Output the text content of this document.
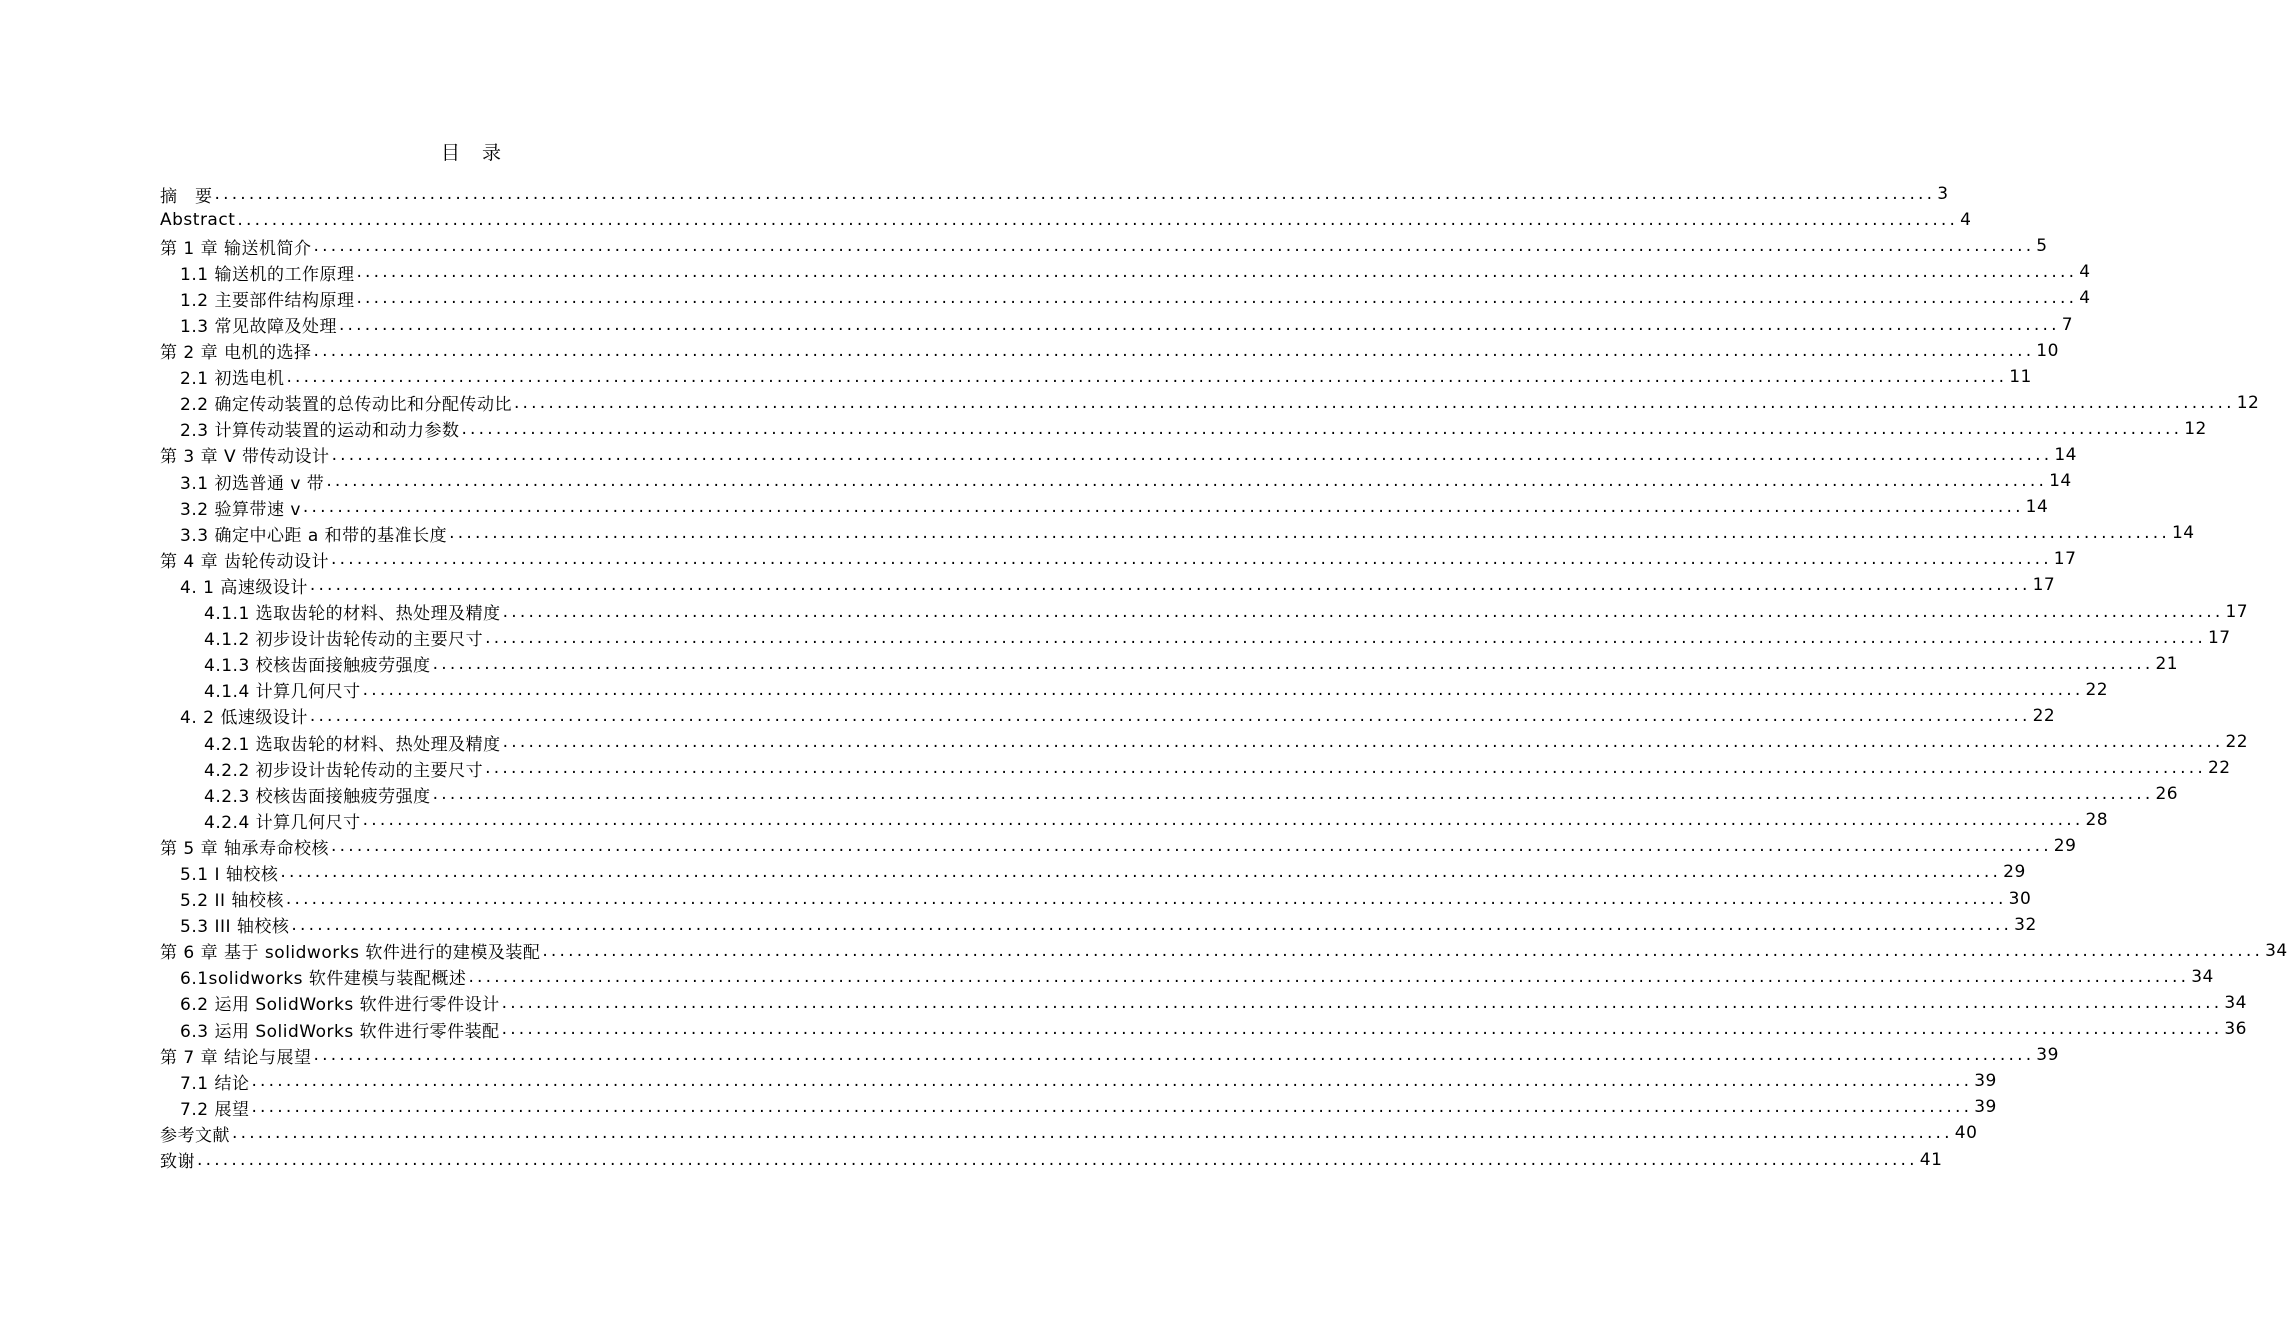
目 录
摘　要 ........................................................................................................................................................................................................ 3
Abstract ........................................................................................................................................................................................................ 4
第 1 章 输送机简介 ........................................................................................................................................................................................................ 5
1.1 输送机的工作原理 ........................................................................................................................................................................................................ 4
1.2 主要部件结构原理 ........................................................................................................................................................................................................ 4
1.3 常见故障及处理 ........................................................................................................................................................................................................ 7
第 2 章 电机的选择 ........................................................................................................................................................................................................ 10
2.1 初选电机 ........................................................................................................................................................................................................ 11
2.2 确定传动装置的总传动比和分配传动比 ........................................................................................................................................................................................................ 12
2.3 计算传动装置的运动和动力参数 ........................................................................................................................................................................................................ 12
第 3 章 V 带传动设计 ........................................................................................................................................................................................................ 14
3.1 初选普通 v 带 ........................................................................................................................................................................................................ 14
3.2 验算带速 v ........................................................................................................................................................................................................ 14
3.3 确定中心距 a 和带的基准长度 ........................................................................................................................................................................................................ 14
第 4 章 齿轮传动设计 ........................................................................................................................................................................................................ 17
4. 1 高速级设计 ........................................................................................................................................................................................................ 17
4.1.1 选取齿轮的材料、热处理及精度 ........................................................................................................................................................................................................ 17
4.1.2 初步设计齿轮传动的主要尺寸 ........................................................................................................................................................................................................ 17
4.1.3 校核齿面接触疲劳强度 ........................................................................................................................................................................................................ 21
4.1.4 计算几何尺寸 ........................................................................................................................................................................................................ 22
4. 2 低速级设计 ........................................................................................................................................................................................................ 22
4.2.1 选取齿轮的材料、热处理及精度 ........................................................................................................................................................................................................ 22
4.2.2 初步设计齿轮传动的主要尺寸 ........................................................................................................................................................................................................ 22
4.2.3 校核齿面接触疲劳强度 ........................................................................................................................................................................................................ 26
4.2.4 计算几何尺寸 ........................................................................................................................................................................................................ 28
第 5 章 轴承寿命校核 ........................................................................................................................................................................................................ 29
5.1 I 轴校核 ........................................................................................................................................................................................................ 29
5.2 II 轴校核 ........................................................................................................................................................................................................ 30
5.3 III 轴校核 ........................................................................................................................................................................................................ 32
第 6 章 基于 solidworks 软件进行的建模及装配 ........................................................................................................................................................................................................ 34
6.1solidworks 软件建模与装配概述 ........................................................................................................................................................................................................ 34
6.2 运用 SolidWorks 软件进行零件设计 ........................................................................................................................................................................................................ 34
6.3 运用 SolidWorks 软件进行零件装配 ........................................................................................................................................................................................................ 36
第 7 章 结论与展望 ........................................................................................................................................................................................................ 39
7.1 结论 ........................................................................................................................................................................................................ 39
7.2 展望 ........................................................................................................................................................................................................ 39
参考文献 ........................................................................................................................................................................................................ 40
致谢 ........................................................................................................................................................................................................ 41
